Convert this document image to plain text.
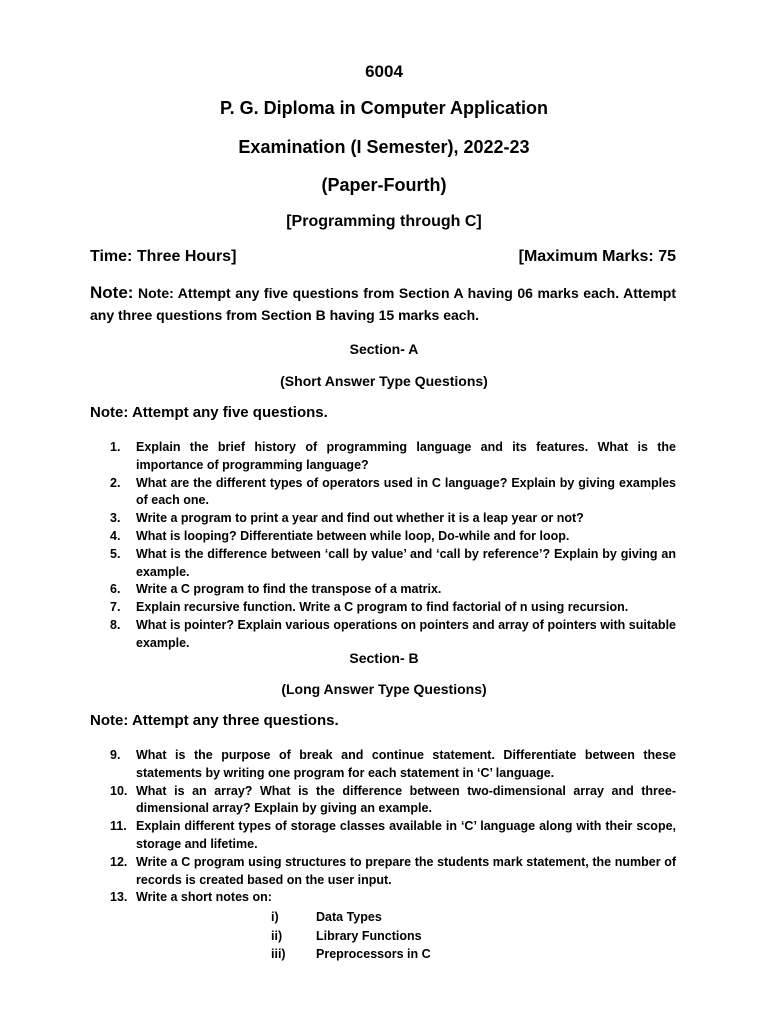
6004
P. G. Diploma in Computer Application
Examination (I Semester), 2022-23
(Paper-Fourth)
[Programming through C]
Time: Three Hours]	[Maximum Marks: 75
Note: Note: Attempt any five questions from Section A having 06 marks each. Attempt any three questions from Section B having 15 marks each.
Section- A
(Short Answer Type Questions)
Note: Attempt any five questions.
1.	Explain the brief history of programming language and its features. What is the importance of programming language?
2.	What are the different types of operators used in C language? Explain by giving examples of each one.
3.	Write a program to print a year and find out whether it is a leap year or not?
4.	What is looping? Differentiate between while loop, Do-while and for loop.
5.	What is the difference between ‘call by value’ and ‘call by reference’? Explain by giving an example.
6.	Write a C program to find the transpose of a matrix.
7.	Explain recursive function. Write a C program to find factorial of n using recursion.
8.	What is pointer? Explain various operations on pointers and array of pointers with suitable example.
Section- B
(Long Answer Type Questions)
Note: Attempt any three questions.
9.	What is the purpose of break and continue statement. Differentiate between these statements by writing one program for each statement in ‘C’ language.
10. What is an array? What is the difference between two-dimensional array and three-dimensional array? Explain by giving an example.
11. Explain different types of storage classes available in ‘C’ language along with their scope, storage and lifetime.
12. Write a C program using structures to prepare the students mark statement, the number of records is created based on the user input.
13. Write a short notes on:
i)	Data Types
ii)	Library Functions
iii) Preprocessors in C
